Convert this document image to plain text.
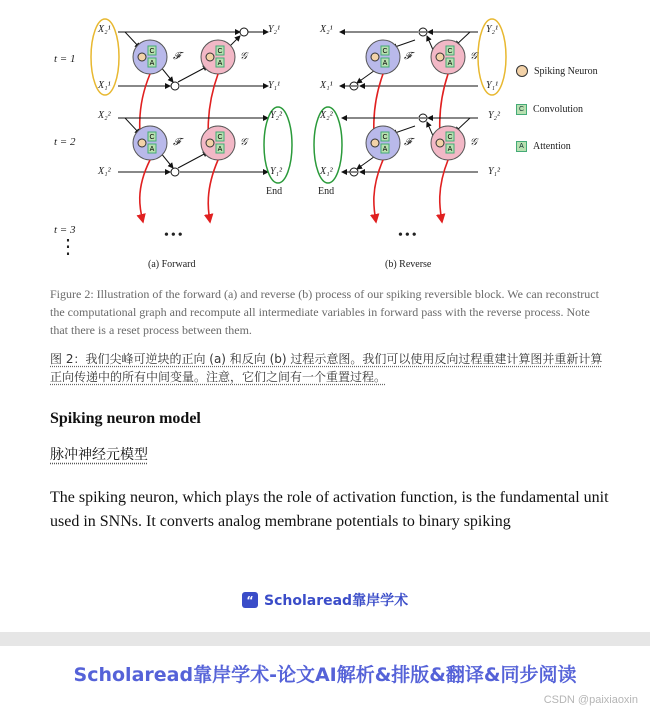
C
A
C
A
C
A
C
A
C
A
C
A
C
A
C
A
t = 1
t = 2
t = 3
⋮
X₂¹
X₁¹
Y₂¹
Y₁¹
X₂²
X₁²
Y₂²
Y₁²
𝓕	𝒢
𝓕	𝒢
End
•••
(a) Forward
X₂¹
X₁¹
Y₂¹
Y₁¹
X₂²
X₁²
Y₂²
Y₁²
𝓕	𝒢
𝓕	𝒢
End
•••
(b) Reverse
Spiking Neuron
C Convolution
A Attention
Figure 2: Illustration of the forward (a) and reverse (b) process of our spiking reversible block. We can reconstruct the computational graph and recompute all intermediate variables in forward pass with the reverse process. Note that there is a reset process between them.
图 2：我们尖峰可逆块的正向 (a) 和反向 (b) 过程示意图。我们可以使用反向过程重建计算图并重新计算正向传递中的所有中间变量。注意，它们之间有一个重置过程。
Spiking neuron model
脉冲神经元模型
The spiking neuron, which plays the role of activation function, is the fundamental unit used in SNNs. It converts analog membrane potentials to binary spiking
“ Scholaread靠岸学术
Scholaread靠岸学术-论文AI解析&排版&翻译&同步阅读
CSDN @paixiaoxin
